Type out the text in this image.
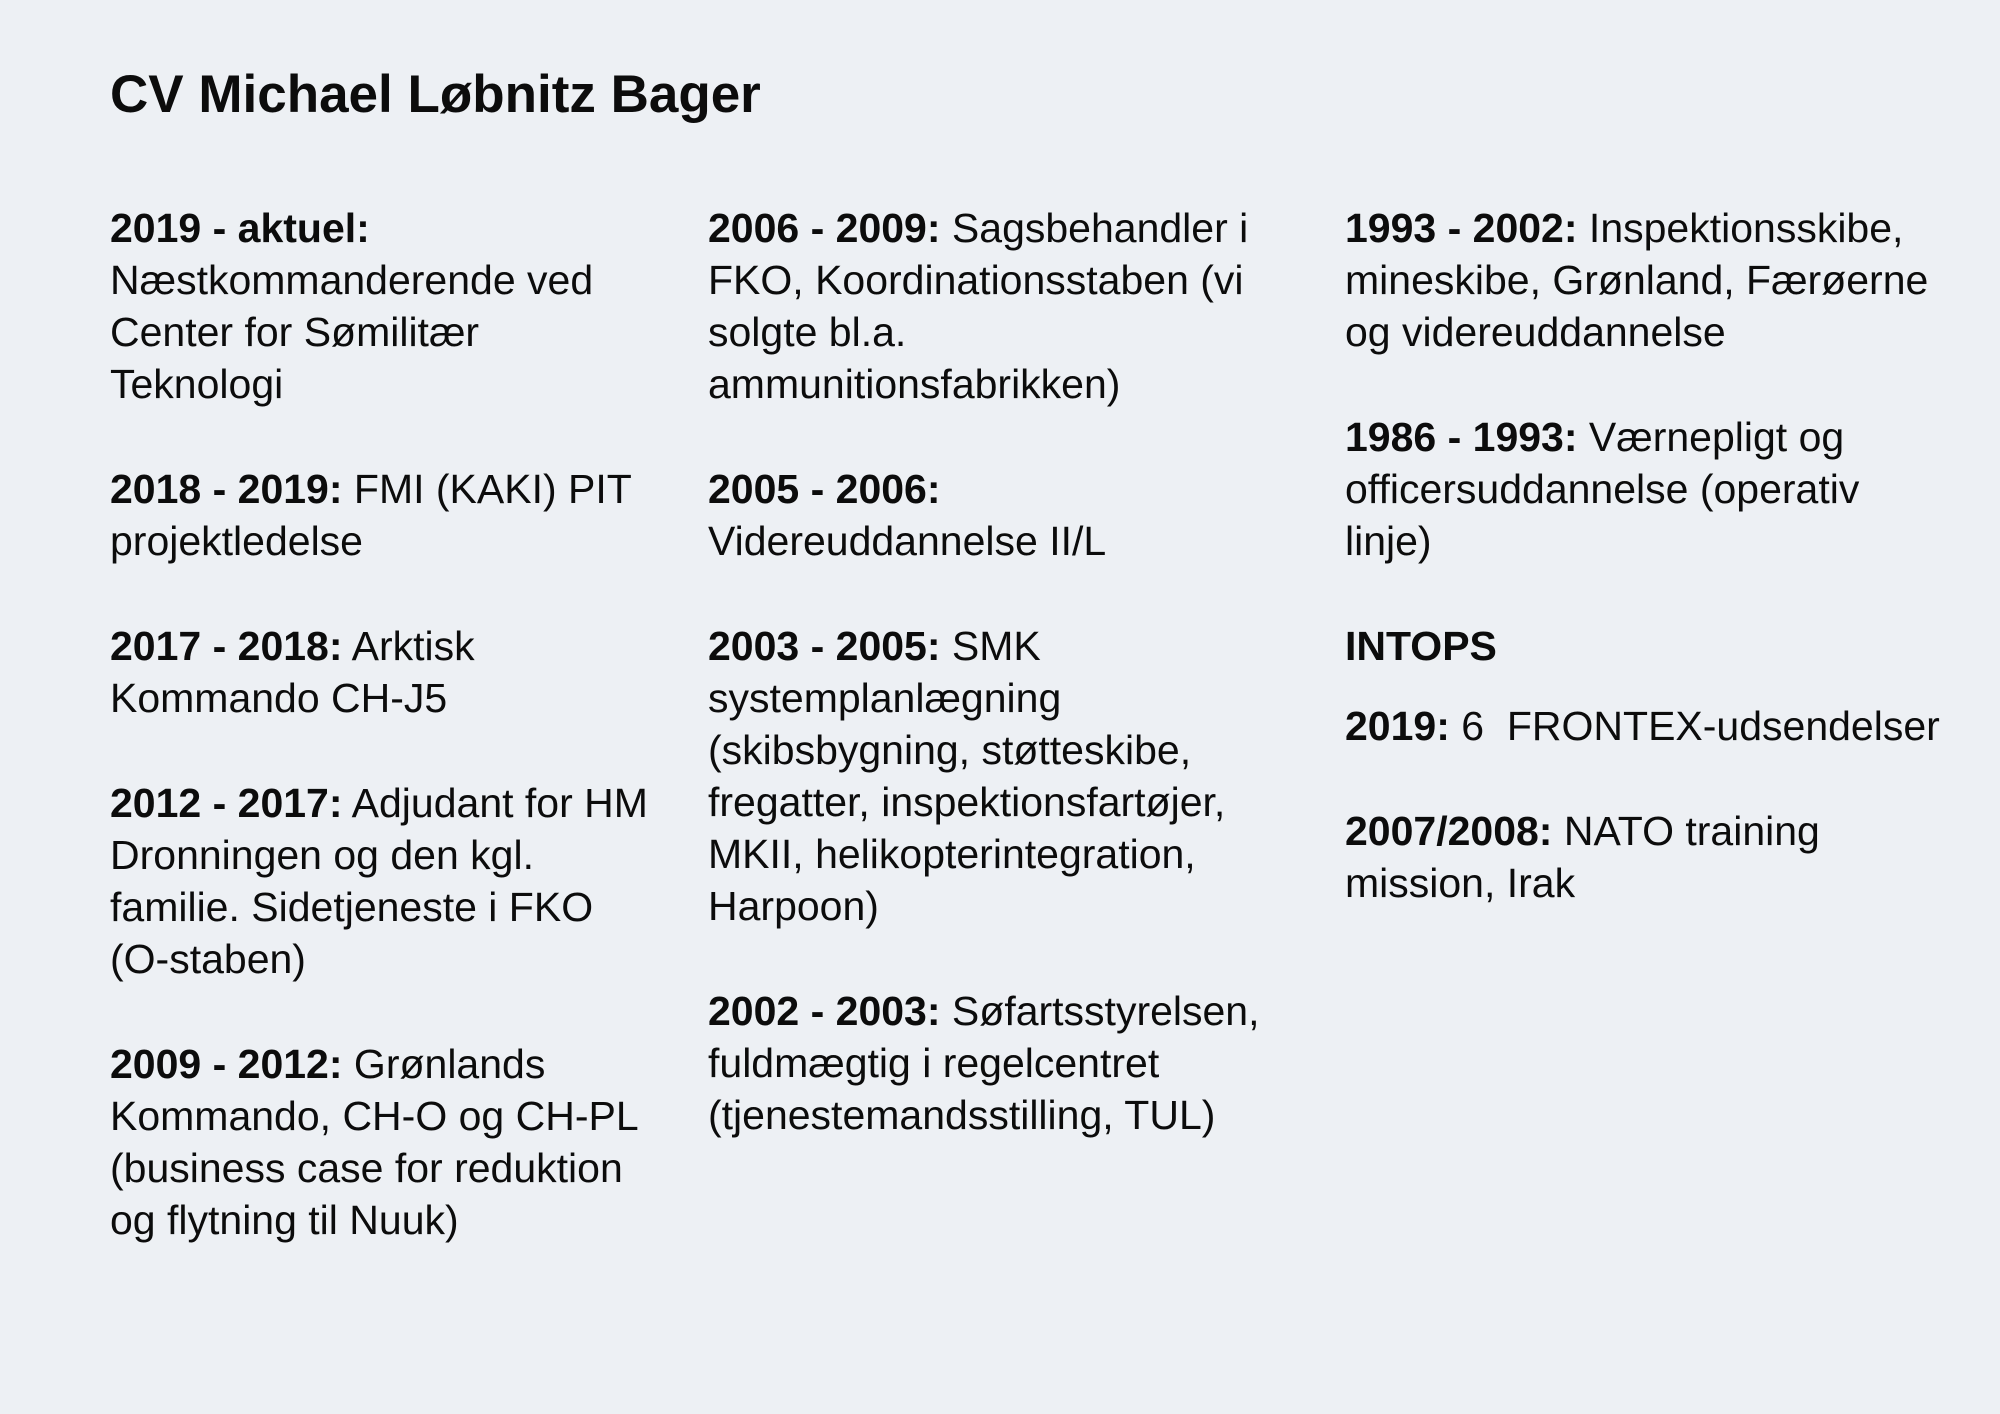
CV Michael Løbnitz Bager

2019 - aktuel: Næstkommanderende ved Center for Sømilitær Teknologi

2018 - 2019: FMI (KAKI) PIT projektledelse

2017 - 2018: Arktisk Kommando CH-J5

2012 - 2017: Adjudant for HM Dronningen og den kgl. familie. Sidetjeneste i FKO (O-staben)

2009 - 2012: Grønlands Kommando, CH-O og CH-PL (business case for reduktion og flytning til Nuuk)

2006 - 2009: Sagsbehandler i FKO, Koordinationsstaben (vi solgte bl.a. ammunitionsfabrikken)

2005 - 2006:
Videreuddannelse II/L

2003 - 2005: SMK systemplanlægning (skibsbygning, støtteskibe, fregatter, inspektionsfartøjer, MKII, helikopterintegration, Harpoon)

2002 - 2003: Søfartsstyrelsen, fuldmægtig i regelcentret (tjenestemandsstilling, TUL)

1993 - 2002: Inspektionsskibe, mineskibe, Grønland, Færøerne og videreuddannelse

1986 - 1993: Værnepligt og officersuddannelse (operativ linje)

INTOPS

2019: 6  FRONTEX-udsendelser

2007/2008: NATO training mission, Irak
